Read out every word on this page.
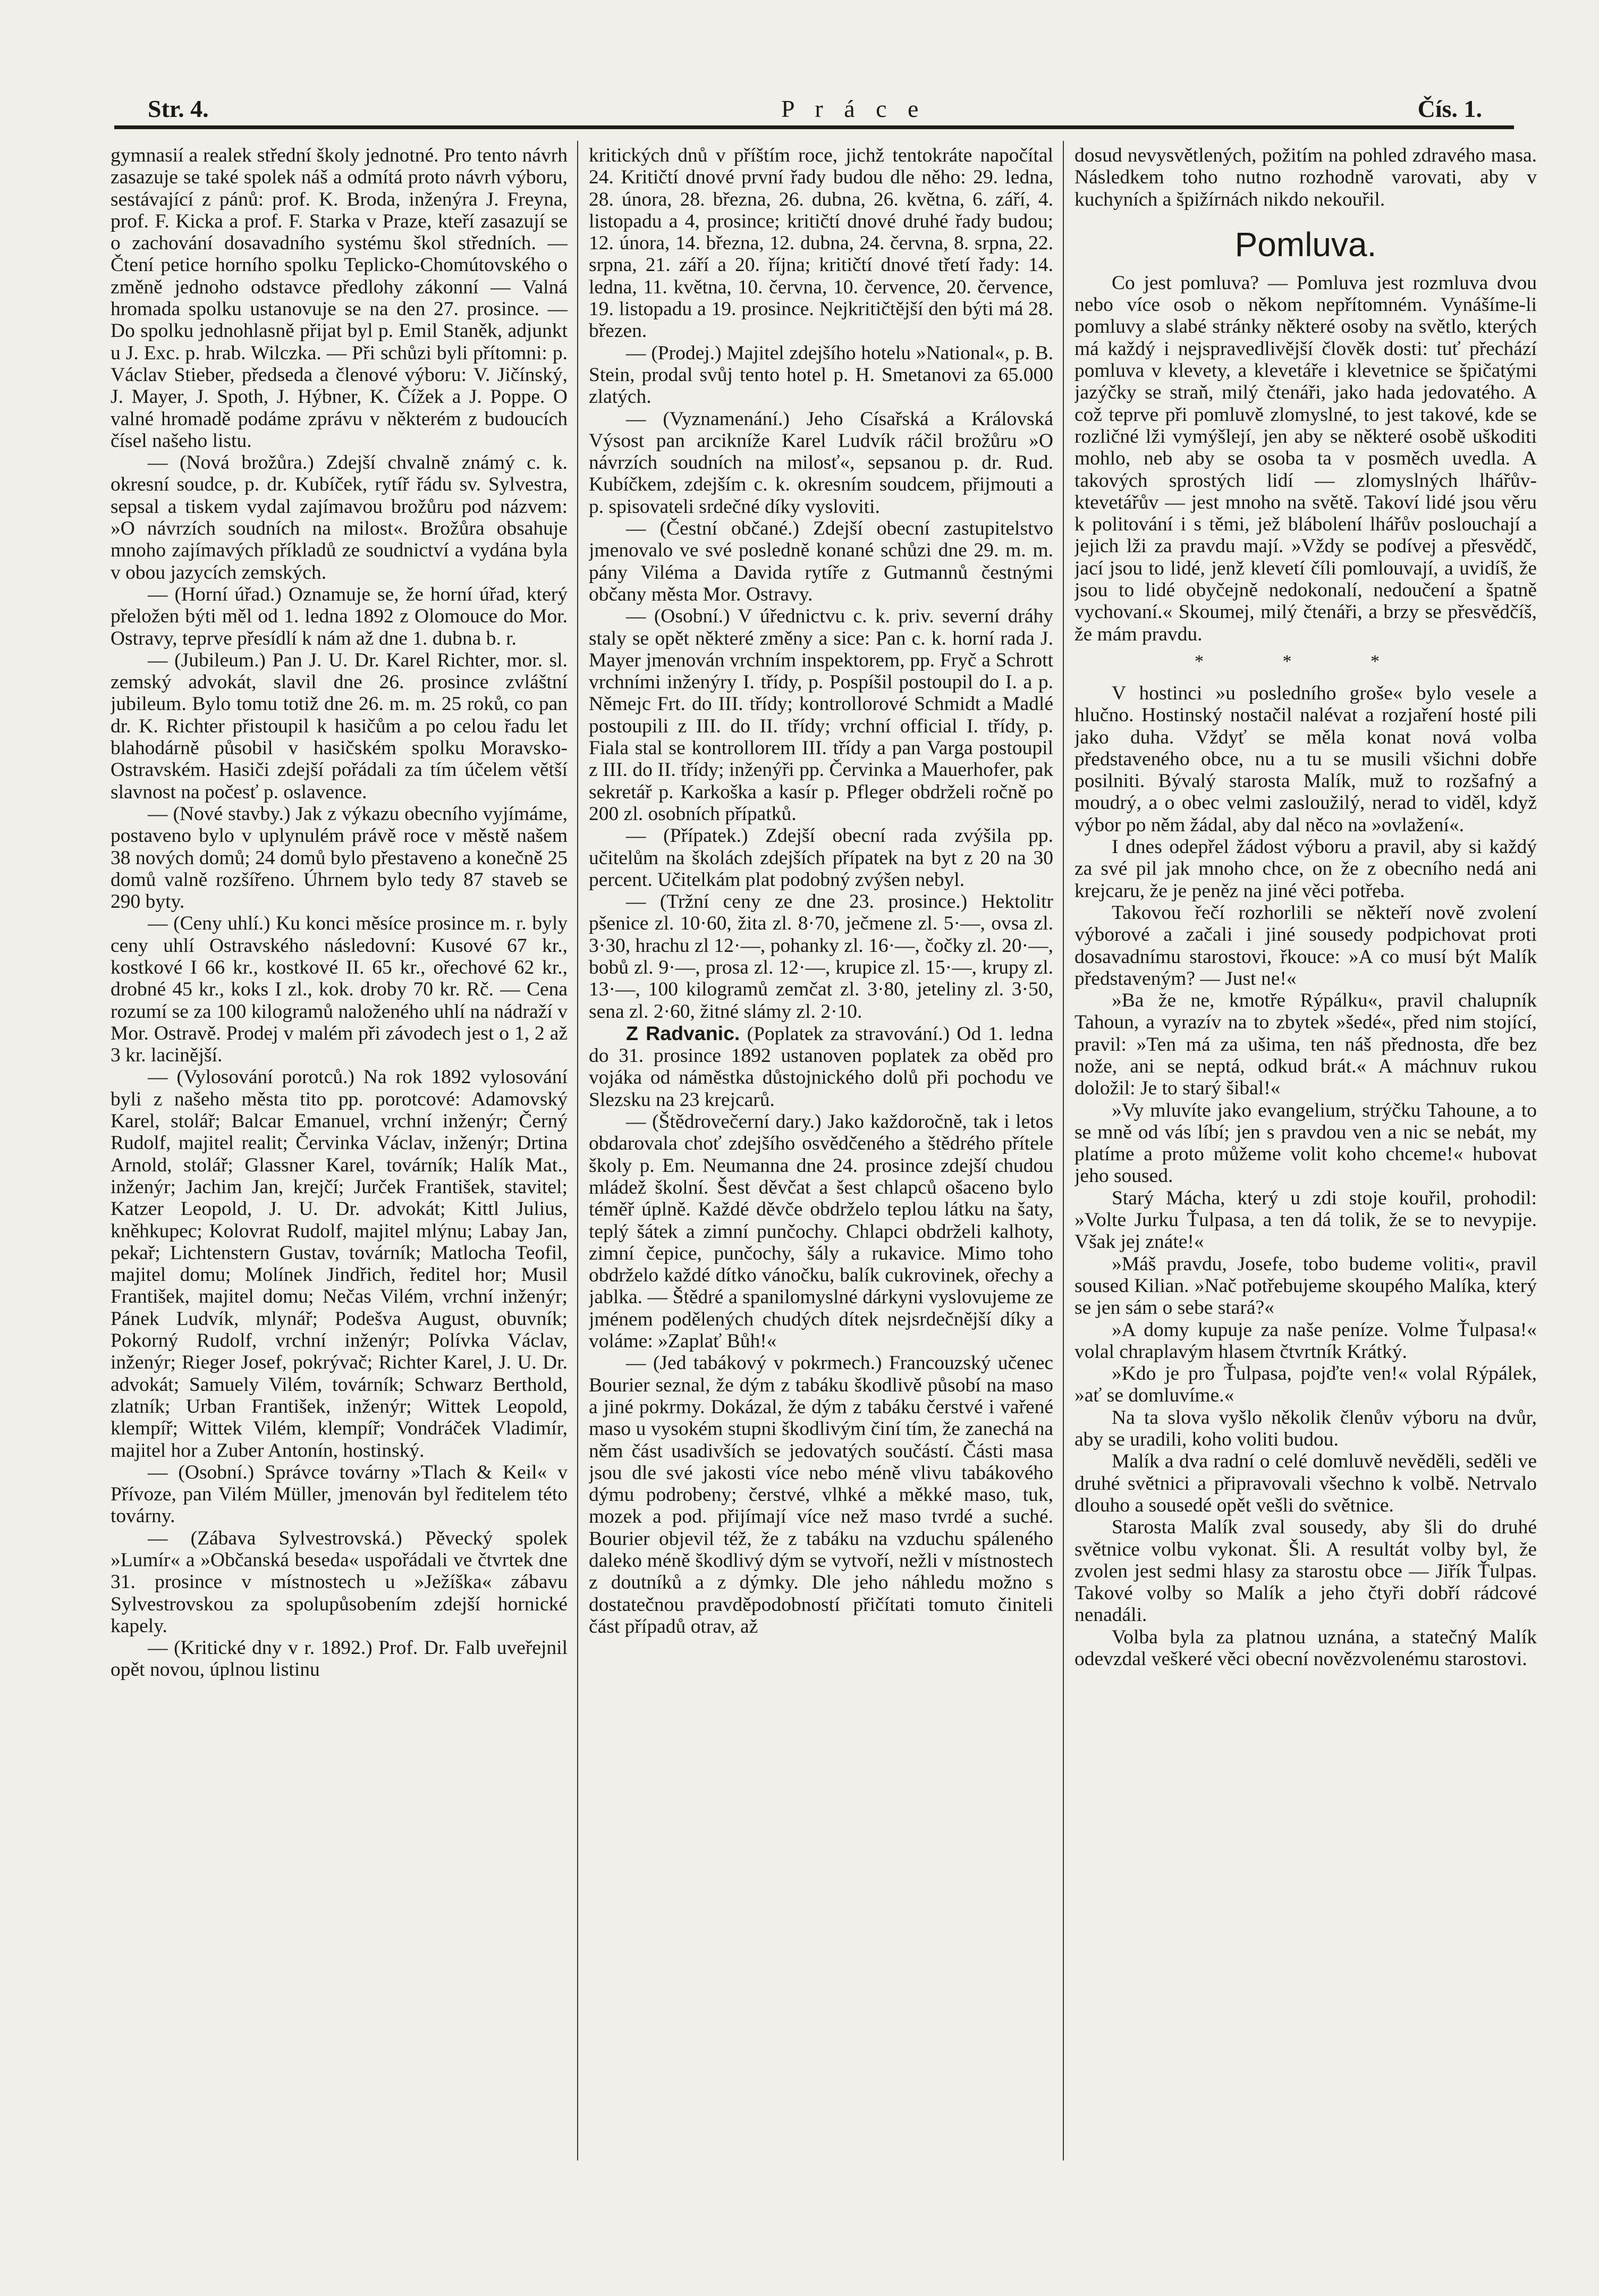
Str. 4.	P r á c e	Čís. 1.

gymnasií a realek střední školy jednotné. Pro tento návrh zasazuje se také spolek náš a odmítá proto návrh výboru, sestávající z pánů: prof. K. Broda, inženýra J. Freyna, prof. F. Kicka a prof. F. Starka v Praze, kteří zasazují se o zachování dosavadního systému škol středních. — Čtení petice horního spolku Teplicko-Chomútovského o změně jednoho odstavce předlohy zákonní — Valná hromada spolku ustanovuje se na den 27. prosince. — Do spolku jednohlasně přijat byl p. Emil Staněk, adjunkt u J. Exc. p. hrab. Wilczka. — Při schůzi byli přítomni: p. Václav Stieber, předseda a členové výboru: V. Jičínský, J. Mayer, J. Spoth, J. Hýbner, K. Čížek a J. Poppe. O valné hromadě podáme zprávu v některém z budoucích čísel našeho listu.

— (Nová brožůra.) Zdejší chvalně známý c. k. okresní soudce, p. dr. Kubíček, rytíř řádu sv. Sylvestra, sepsal a tiskem vydal zajímavou brožůru pod názvem: »O návrzích soudních na milost«. Brožůra obsahuje mnoho zajímavých příkladů ze soudnictví a vydána byla v obou jazycích zemských.

— (Horní úřad.) Oznamuje se, že horní úřad, který přeložen býti měl od 1. ledna 1892 z Olomouce do Mor. Ostravy, teprve přesídlí k nám až dne 1. dubna b. r.

— (Jubileum.) Pan J. U. Dr. Karel Richter, mor. sl. zemský advokát, slavil dne 26. prosince zvláštní jubileum. Bylo tomu totiž dne 26. m. m. 25 roků, co pan dr. K. Richter přistoupil k hasičům a po celou řadu let blahodárně působil v hasičském spolku Moravsko-Ostravském. Hasiči zdejší pořádali za tím účelem větší slavnost na počesť p. oslavence.

— (Nové stavby.) Jak z výkazu obecního vyjímáme, postaveno bylo v uplynulém právě roce v městě našem 38 nových domů; 24 domů bylo přestaveno a konečně 25 domů valně rozšířeno. Úhrnem bylo tedy 87 staveb se 290 byty.

— (Ceny uhlí.) Ku konci měsíce prosince m. r. byly ceny uhlí Ostravského následovní: Kusové 67 kr., kostkové I 66 kr., kostkové II. 65 kr., ořechové 62 kr., drobné 45 kr., koks I zl., kok. droby 70 kr. Rč. — Cena rozumí se za 100 kilogramů naloženého uhlí na nádraží v Mor. Ostravě. Prodej v malém při závodech jest o 1, 2 až 3 kr. lacinější.

— (Vylosování porotců.) Na rok 1892 vylosování byli z našeho města tito pp. porotcové: Adamovský Karel, stolář; Balcar Emanuel, vrchní inženýr; Černý Rudolf, majitel realit; Červinka Václav, inženýr; Drtina Arnold, stolář; Glassner Karel, továrník; Halík Mat., inženýr; Jachim Jan, krejčí; Jurček František, stavitel; Katzer Leopold, J. U. Dr. advokát; Kittl Julius, kněhkupec; Kolovrat Rudolf, majitel mlýnu; Labay Jan, pekař; Lichtenstern Gustav, továrník; Matlocha Teofil, majitel domu; Molínek Jindřich, ředitel hor; Musil František, majitel domu; Nečas Vilém, vrchní inženýr; Pánek Ludvík, mlynář; Podešva August, obuvník; Pokorný Rudolf, vrchní inženýr; Polívka Václav, inženýr; Rieger Josef, pokrývač; Richter Karel, J. U. Dr. advokát; Samuely Vilém, továrník; Schwarz Berthold, zlatník; Urban František, inženýr; Wittek Leopold, klempíř; Wittek Vilém, klempíř; Vondráček Vladimír, majitel hor a Zuber Antonín, hostinský.

— (Osobní.) Správce továrny »Tlach & Keil« v Přívoze, pan Vilém Müller, jmenován byl ředitelem této továrny.

— (Zábava Sylvestrovská.) Pěvecký spolek »Lumír« a »Občanská beseda« uspořádali ve čtvrtek dne 31. prosince v místnostech u »Ježíška« zábavu Sylvestrovskou za spolupůsobením zdejší hornické kapely.

— (Kritické dny v r. 1892.) Prof. Dr. Falb uveřejnil opět novou, úplnou listinu

kritických dnů v příštím roce, jichž tentokráte napočítal 24. Kritičtí dnové první řady budou dle něho: 29. ledna, 28. února, 28. března, 26. dubna, 26. května, 6. září, 4. listopadu a 4, prosince; kritičtí dnové druhé řady budou; 12. února, 14. března, 12. dubna, 24. června, 8. srpna, 22. srpna, 21. září a 20. října; kritičtí dnové třetí řady: 14. ledna, 11. května, 10. června, 10. července, 20. července, 19. listopadu a 19. prosince. Nejkritičtější den býti má 28. březen.

— (Prodej.) Majitel zdejšího hotelu »National«, p. B. Stein, prodal svůj tento hotel p. H. Smetanovi za 65.000 zlatých.

— (Vyznamenání.) Jeho Císařská a Královská Výsost pan arcikníže Karel Ludvík ráčil brožůru »O návrzích soudních na milosť«, sepsanou p. dr. Rud. Kubíčkem, zdejším c. k. okresním soudcem, přijmouti a p. spisovateli srdečné díky vysloviti.

— (Čestní občané.) Zdejší obecní zastupitelstvo jmenovalo ve své posledně konané schůzi dne 29. m. m. pány Viléma a Davida rytíře z Gutmannů čestnými občany města Mor. Ostravy.

— (Osobní.) V úřednictvu c. k. priv. severní dráhy staly se opět některé změny a sice: Pan c. k. horní rada J. Mayer jmenován vrchním inspektorem, pp. Fryč a Schrott vrchními inženýry I. třídy, p. Pospíšil postoupil do I. a p. Němejc Frt. do III. třídy; kontrollorové Schmidt a Madlé postoupili z III. do II. třídy; vrchní official I. třídy, p. Fiala stal se kontrollorem III. třídy a pan Varga postoupil z III. do II. třídy; inženýři pp. Červinka a Mauerhofer, pak sekretář p. Karkoška a kasír p. Pfleger obdrželi ročně po 200 zl. osobních přípatků.

— (Přípatek.) Zdejší obecní rada zvýšila pp. učitelům na školách zdejších přípatek na byt z 20 na 30 percent. Učitelkám plat podobný zvýšen nebyl.

— (Tržní ceny ze dne 23. prosince.) Hektolitr pšenice zl. 10·60, žita zl. 8·70, ječmene zl. 5·—, ovsa zl. 3·30, hrachu zl 12·—, pohanky zl. 16·—, čočky zl. 20·—, bobů zl. 9·—, prosa zl. 12·—, krupice zl. 15·—, krupy zl. 13·—, 100 kilogramů zemčat zl. 3·80, jeteliny zl. 3·50, sena zl. 2·60, žitné slámy zl. 2·10.

Z Radvanic. (Poplatek za stravování.) Od 1. ledna do 31. prosince 1892 ustanoven poplatek za oběd pro vojáka od náměstka důstojnického dolů při pochodu ve Slezsku na 23 krejcarů.

— (Štědrovečerní dary.) Jako každoročně, tak i letos obdarovala choť zdejšího osvědčeného a štědrého přítele školy p. Em. Neumanna dne 24. prosince zdejší chudou mládež školní. Šest děvčat a šest chlapců ošaceno bylo téměř úplně. Každé děvče obdrželo teplou látku na šaty, teplý šátek a zimní punčochy. Chlapci obdrželi kalhoty, zimní čepice, punčochy, šály a rukavice. Mimo toho obdrželo každé dítko vánočku, balík cukrovinek, ořechy a jablka. — Štědré a spanilomyslné dárkyni vyslovujeme ze jménem podělených chudých dítek nejsrdečnější díky a voláme: »Zaplať Bůh!«

— (Jed tabákový v pokrmech.) Francouzský učenec Bourier seznal, že dým z tabáku škodlivě působí na maso a jiné pokrmy. Dokázal, že dým z tabáku čerstvé i vařené maso u vysokém stupni škodlivým činí tím, že zanechá na něm část usadivších se jedovatých součástí. Části masa jsou dle své jakosti více nebo méně vlivu tabákového dýmu podrobeny; čerstvé, vlhké a měkké maso, tuk, mozek a pod. přijímají více než maso tvrdé a suché. Bourier objevil též, že z tabáku na vzduchu spáleného daleko méně škodlivý dým se vytvoří, nežli v místnostech z doutníků a z dýmky. Dle jeho náhledu možno s dostatečnou pravděpodobností přičítati tomuto činiteli část případů otrav, až

dosud nevysvětlených, požitím na pohled zdravého masa. Následkem toho nutno rozhodně varovati, aby v kuchyních a špižírnách nikdo nekouřil.

Pomluva.

Co jest pomluva? — Pomluva jest rozmluva dvou nebo více osob o někom nepřítomném. Vynášíme-li pomluvy a slabé stránky některé osoby na světlo, kterých má každý i nejspravedlivější člověk dosti: tuť přechází pomluva v klevety, a klevetáře i klevetnice se špičatými jazýčky se straň, milý čtenáři, jako hada jedovatého. A což teprve při pomluvě zlomyslné, to jest takové, kde se rozličné lži vymýšlejí, jen aby se některé osobě uškoditi mohlo, neb aby se osoba ta v posměch uvedla. A takových sprostých lidí — zlomyslných lhářův-ktevetářův — jest mnoho na světě. Takoví lidé jsou věru k politování i s těmi, jež blábolení lhářův poslouchají a jejich lži za pravdu mají. »Vždy se podívej a přesvědč, jací jsou to lidé, jenž klevetí číli pomlouvají, a uvidíš, že jsou to lidé obyčejně nedokonalí, nedoučení a špatně vychovaní.« Skoumej, milý čtenáři, a brzy se přesvědčíš, že mám pravdu.

* * *

V hostinci »u posledního groše« bylo vesele a hlučno. Hostinský nostačil nalévat a rozjaření hosté pili jako duha. Vždyť se měla konat nová volba představeného obce, nu a tu se musili všichni dobře posilniti. Bývalý starosta Malík, muž to rozšafný a moudrý, a o obec velmi zasloužilý, nerad to viděl, když výbor po něm žádal, aby dal něco na »ovlažení«.

I dnes odepřel žádost výboru a pravil, aby si každý za své pil jak mnoho chce, on že z obecního nedá ani krejcaru, že je peněz na jiné věci potřeba.

Takovou řečí rozhorlili se někteří nově zvolení výborové a začali i jiné sousedy podpichovat proti dosavadnímu starostovi, řkouce: »A co musí být Malík představeným? — Just ne!«

»Ba že ne, kmotře Rýpálku«, pravil chalupník Tahoun, a vyrazív na to zbytek »šedé«, před nim stojící, pravil: »Ten má za ušima, ten náš přednosta, dře bez nože, ani se neptá, odkud brát.« A máchnuv rukou doložil: Je to starý šibal!«

»Vy mluvíte jako evangelium, strýčku Tahoune, a to se mně od vás líbí; jen s pravdou ven a nic se nebát, my platíme a proto můžeme volit koho chceme!« hubovat jeho soused.

Starý Mácha, který u zdi stoje kouřil, prohodil: »Volte Jurku Ťulpasa, a ten dá tolik, že se to nevypije. Však jej znáte!«

»Máš pravdu, Josefe, tobo budeme voliti«, pravil soused Kilian. »Nač potřebujeme skoupého Malíka, který se jen sám o sebe stará?«

»A domy kupuje za naše peníze. Volme Ťulpasa!« volal chraplavým hlasem čtvrtník Krátký.

»Kdo je pro Ťulpasa, pojďte ven!« volal Rýpálek, »ať se domluvíme.«

Na ta slova vyšlo několik členův výboru na dvůr, aby se uradili, koho voliti budou.

Malík a dva radní o celé domluvě nevěděli, seděli ve druhé světnici a připravovali všechno k volbě. Netrvalo dlouho a sousedé opět vešli do světnice.

Starosta Malík zval sousedy, aby šli do druhé světnice volbu vykonat. Šli. A resultát volby byl, že zvolen jest sedmi hlasy za starostu obce — Jiřík Ťulpas. Takové volby so Malík a jeho čtyři dobří rádcové nenadáli.

Volba byla za platnou uznána, a statečný Malík odevzdal veškeré věci obecní novězvolenému starostovi.
